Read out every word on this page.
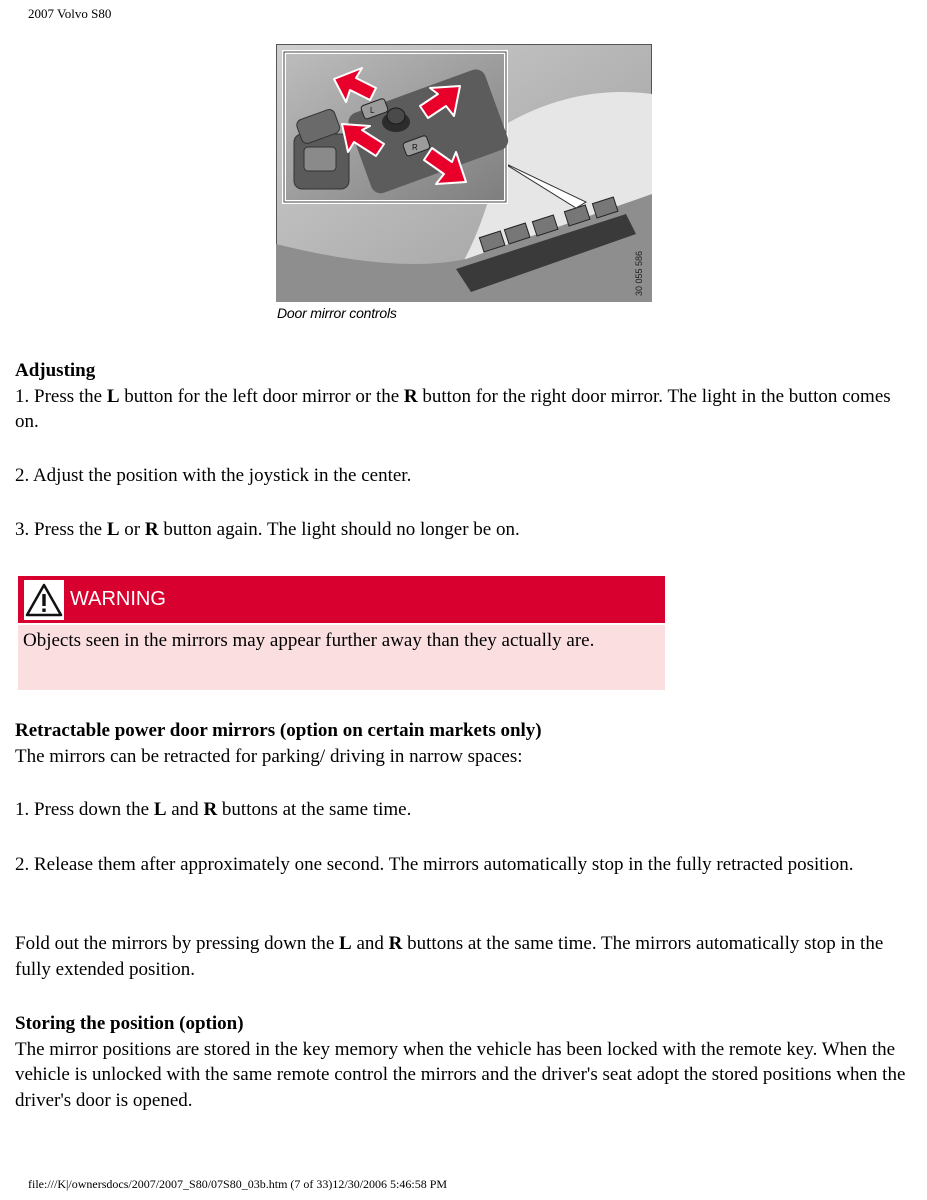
2007 Volvo S80
L
R
30 055 586
Door mirror controls

Adjusting

1. Press the L button for the left door mirror or the R button for the right door mirror. The light in the button comes on.

2. Adjust the position with the joystick in the center.
3. Press the L or R button again. The light should no longer be on.
WARNING
Objects seen in the mirrors may appear further away than they actually are.

Retractable power door mirrors (option on certain markets only)

The mirrors can be retracted for parking/ driving in narrow spaces:

1. Press down the L and R buttons at the same time.
2. Release them after approximately one second. The mirrors automatically stop in the fully retracted position.
Fold out the mirrors by pressing down the L and R buttons at the same time. The mirrors automatically stop in the fully extended position.

Storing the position (option)

The mirror positions are stored in the key memory when the vehicle has been locked with the remote key. When the vehicle is unlocked with the same remote control the mirrors and the driver's seat adopt the stored positions when the driver's door is opened.

file:///K|/ownersdocs/2007/2007_S80/07S80_03b.htm (7 of 33)12/30/2006 5:46:58 PM
